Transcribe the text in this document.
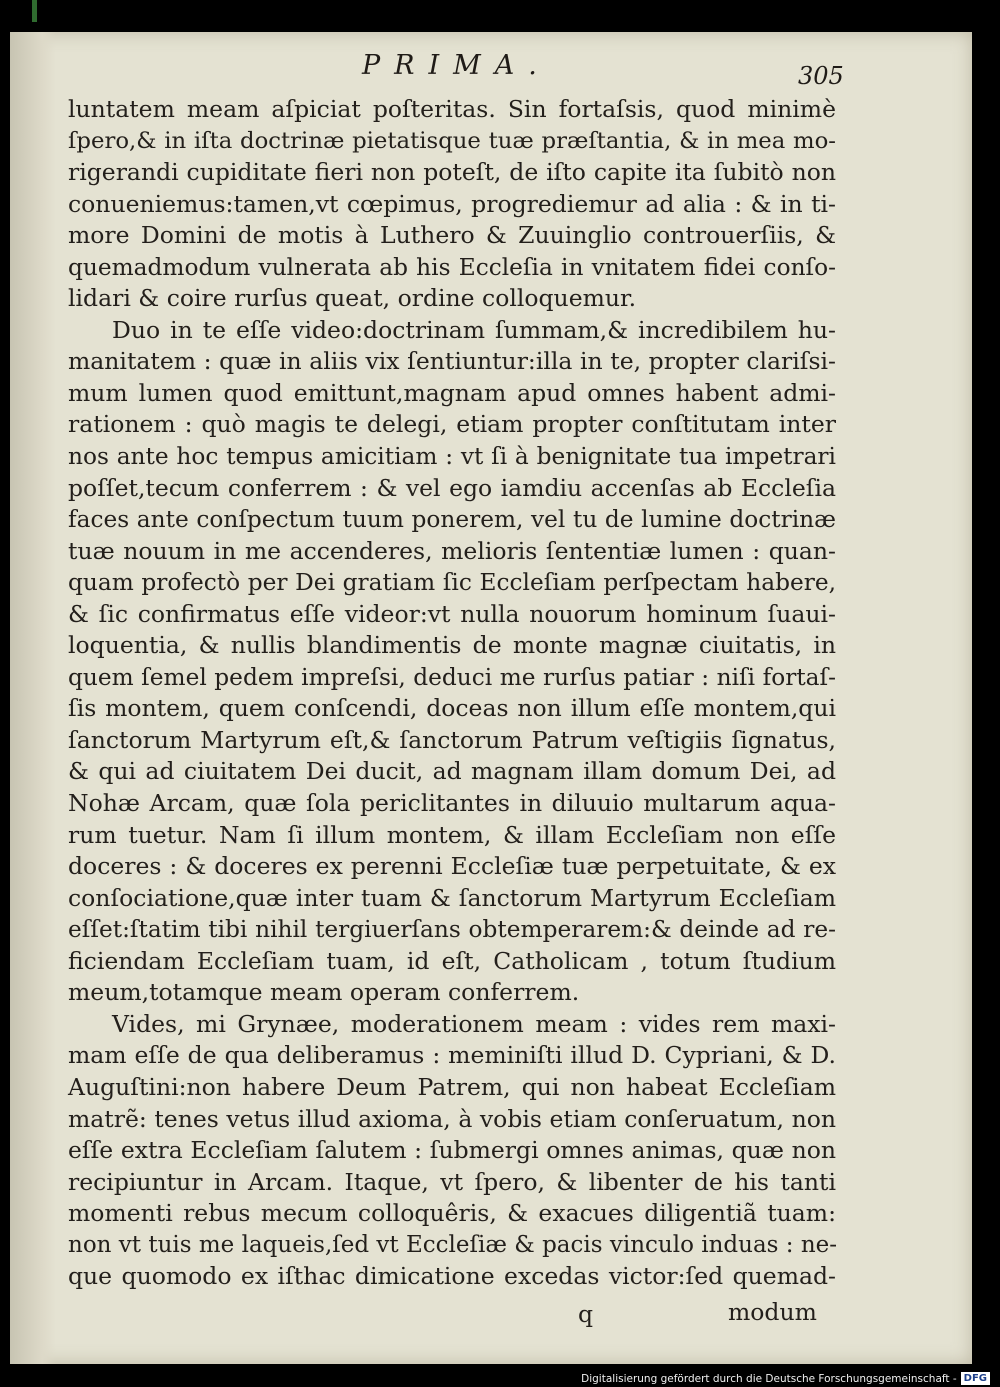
PRIMA.	305
luntatem meam aſpiciat poſteritas. Sin fortaſsis, quod minimè
ſpero,& in iſta doctrinæ pietatisque tuæ præſtantia, & in mea mo-
rigerandi cupiditate fieri non poteſt, de iſto capite ita ſubitò non
conueniemus:tamen,vt cœpimus, progrediemur ad alia : & in ti-
more Domini de motis à Luthero & Zuuinglio controuerſiis, &
quemadmodum vulnerata ab his Eccleſia in vnitatem fidei conſo-
lidari & coire rurſus queat, ordine colloquemur.
Duo in te eſſe video:doctrinam ſummam,& incredibilem hu-
manitatem : quæ in aliis vix ſentiuntur:illa in te, propter clariſsi-
mum lumen quod emittunt,magnam apud omnes habent admi-
rationem : quò magis te delegi, etiam propter conſtitutam inter
nos ante hoc tempus amicitiam : vt ſi à benignitate tua impetrari
poſſet,tecum conferrem : & vel ego iamdiu accenſas ab Eccleſia
faces ante conſpectum tuum ponerem, vel tu de lumine doctrinæ
tuæ nouum in me accenderes, melioris ſententiæ lumen : quan-
quam profectò per Dei gratiam ſic Eccleſiam perſpectam habere,
& ſic confirmatus eſſe videor:vt nulla nouorum hominum ſuaui-
loquentia, & nullis blandimentis de monte magnæ ciuitatis, in
quem ſemel pedem impreſsi, deduci me rurſus patiar : niſi fortaſ-
ſis montem, quem conſcendi, doceas non illum eſſe montem,qui
ſanctorum Martyrum eſt,& ſanctorum Patrum veſtigiis ſignatus,
& qui ad ciuitatem Dei ducit, ad magnam illam domum Dei, ad
Nohæ Arcam, quæ ſola periclitantes in diluuio multarum aqua-
rum tuetur. Nam ſi illum montem, & illam Eccleſiam non eſſe
doceres : & doceres ex perenni Eccleſiæ tuæ perpetuitate, & ex
conſociatione,quæ inter tuam & ſanctorum Martyrum Eccleſiam
eſſet:ſtatim tibi nihil tergiuerſans obtemperarem:& deinde ad re-
ficiendam Eccleſiam tuam, id eſt, Catholicam , totum ſtudium
meum,totamque meam operam conferrem.
Vides, mi Grynæe, moderationem meam : vides rem maxi-
mam eſſe de qua deliberamus : meminiſti illud D. Cypriani, & D.
Auguſtini:non habere Deum Patrem, qui non habeat Eccleſiam
matrẽ: tenes vetus illud axioma, à vobis etiam conſeruatum, non
eſſe extra Eccleſiam ſalutem : ſubmergi omnes animas, quæ non
recipiuntur in Arcam. Itaque, vt ſpero, & libenter de his tanti
momenti rebus mecum colloquêris, & exacues diligentiã tuam:
non vt tuis me laqueis,ſed vt Eccleſiæ & pacis vinculo induas : ne-
que quomodo ex iſthac dimicatione excedas victor:ſed quemad-
q	modum
Digitalisierung gefördert durch die Deutsche Forschungsgemeinschaft - DFG
